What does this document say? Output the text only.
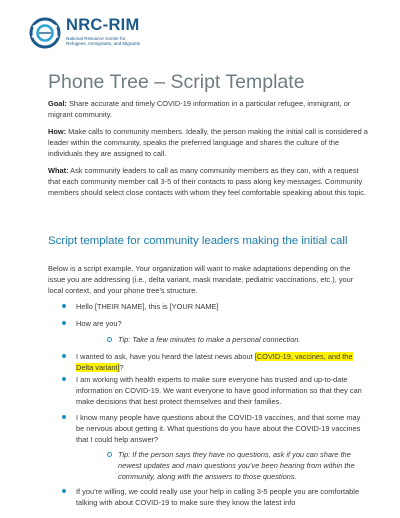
NRC-RIM
National Resource Center for
Refugees, Immigrants, and Migrants
Phone Tree – Script Template

Goal: Share accurate and timely COVID-19 information in a particular refugee, immigrant, or migrant community.

How: Make calls to community members. Ideally, the person making the initial call is considered a leader within the community, speaks the preferred language and shares the culture of the individuals they are assigned to call.

What: Ask community leaders to call as many community members as they can, with a request that each community member call 3-5 of their contacts to pass along key messages. Community members should select close contacts with whom they feel comfortable speaking about this topic.

Script template for community leaders making the initial call

Below is a script example. Your organization will want to make adaptations depending on the issue you are addressing (i.e., delta variant, mask mandate, pediatric vaccinations, etc.), your local context, and your phone tree’s structure.

Hello [THEIR NAME], this is [YOUR NAME]
How are you?
Tip: Take a few minutes to make a personal connection.
I wanted to ask, have you heard the latest news about [COVID-19, vaccines, and the Delta variant]?
I am working with health experts to make sure everyone has trusted and up-to-date information on COVID-19. We want everyone to have good information so that they can make decisions that best protect themselves and their families.
I know many people have questions about the COVID-19 vaccines, and that some may be nervous about getting it. What questions do you have about the COVID-19 vaccines that I could help answer?
Tip: If the person says they have no questions, ask if you can share the newest updates and main questions you’ve been hearing from within the community, along with the answers to those questions.
If you’re willing, we could really use your help in calling 3-5 people you are comfortable talking with about COVID-19 to make sure they know the latest info
